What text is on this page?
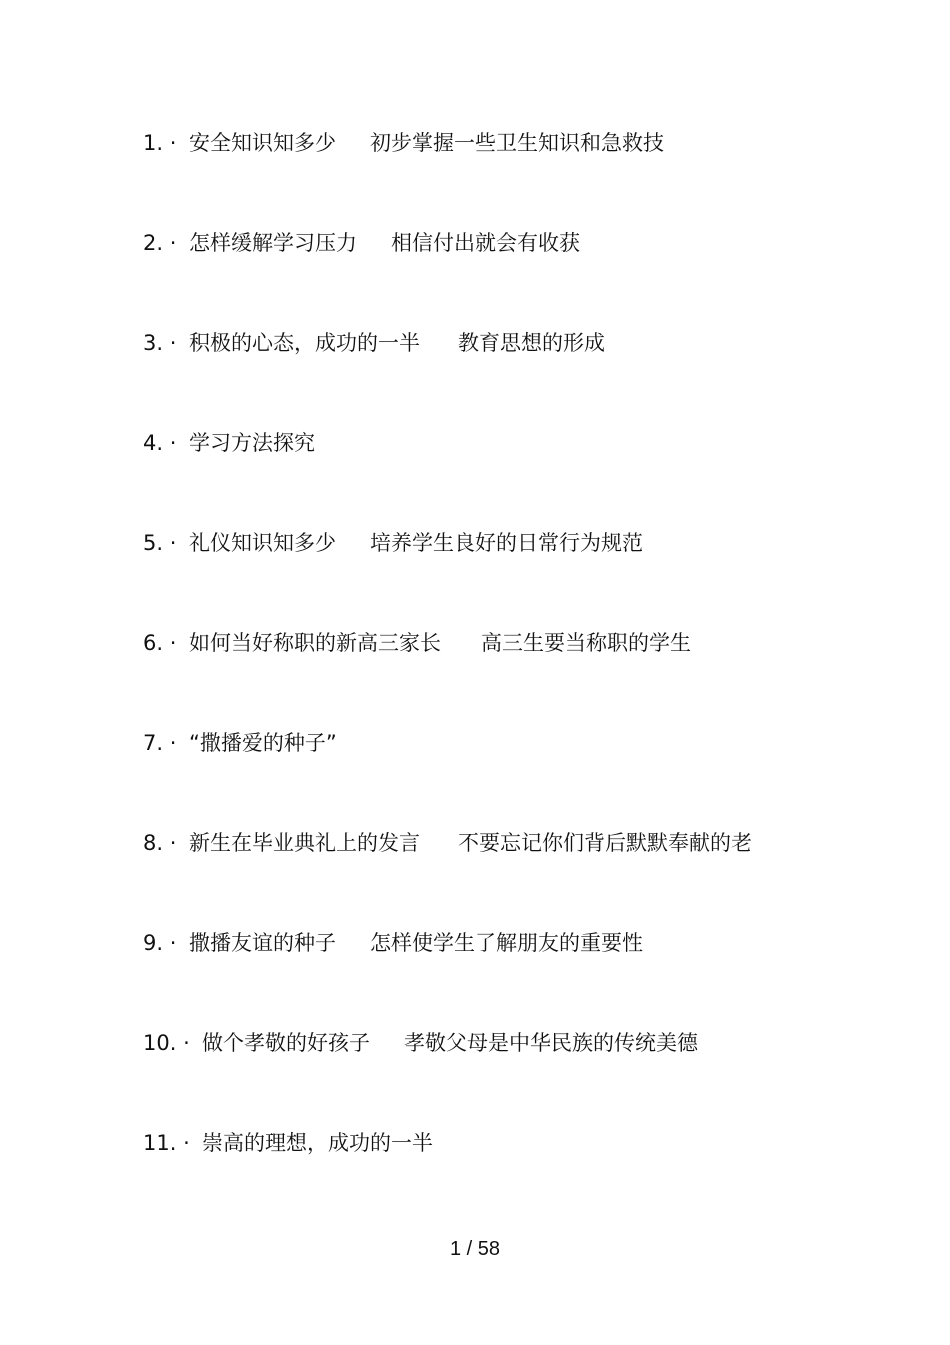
1. · 安全知识知多少 初步掌握一些卫生知识和急救技
2. · 怎样缓解学习压力 相信付出就会有收获
3. · 积极的心态，成功的一半 教育思想的形成
4. · 学习方法探究
5. · 礼仪知识知多少 培养学生良好的日常行为规范
6. · 如何当好称职的新高三家长 高三生要当称职的学生
7. · “撒播爱的种子”
8. · 新生在毕业典礼上的发言 不要忘记你们背后默默奉献的老
9. · 撒播友谊的种子 怎样使学生了解朋友的重要性
10. · 做个孝敬的好孩子 孝敬父母是中华民族的传统美德
11. · 崇高的理想，成功的一半
1 / 58
